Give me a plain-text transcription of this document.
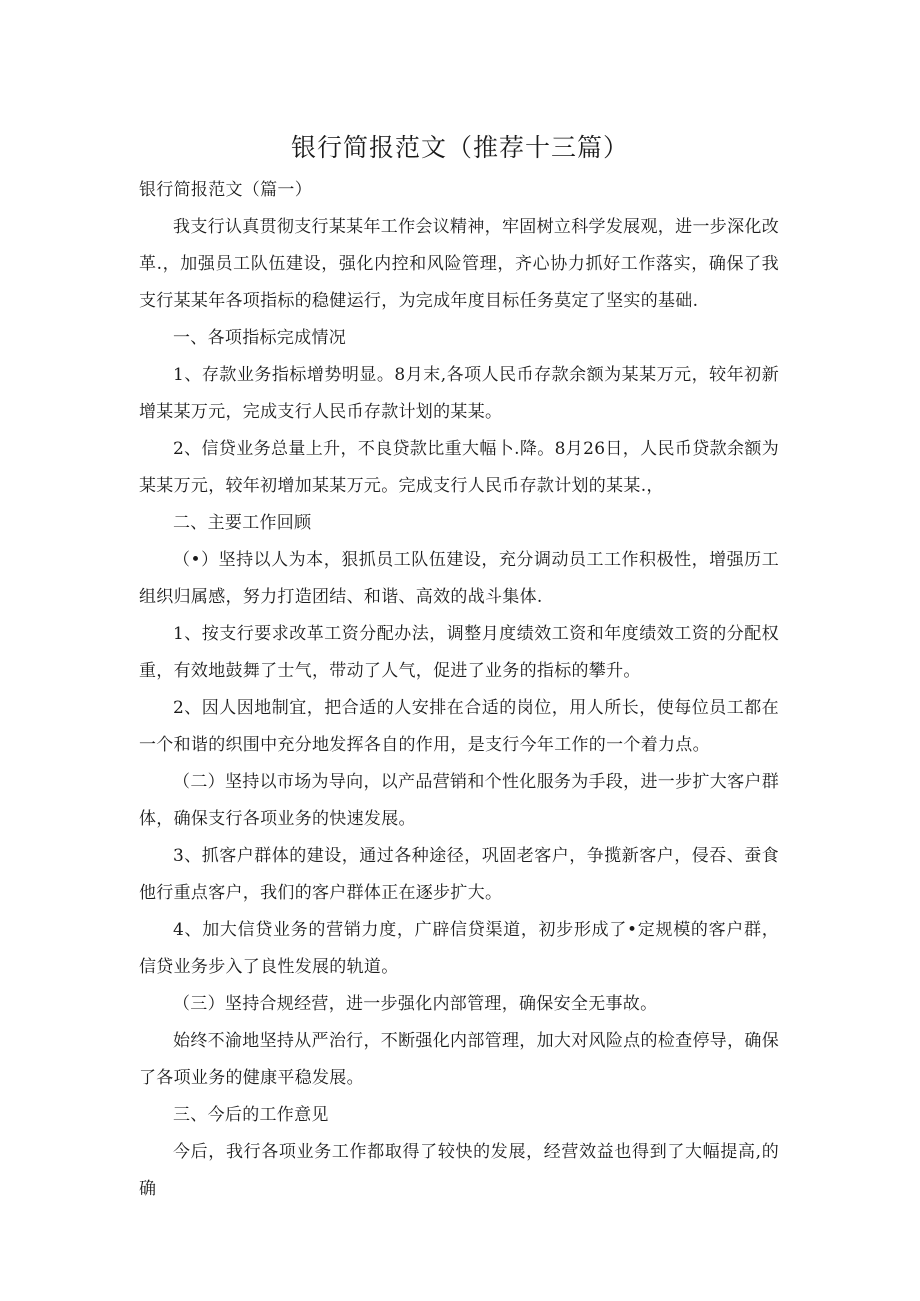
银行简报范文（推荐十三篇）

银行简报范文（篇一）

我支行认真贯彻支行某某年工作会议精神，牢固树立科学发展观，进一步深化改革.，加强员工队伍建设，强化内控和风险管理，齐心协力抓好工作落实，确保了我支行某某年各项指标的稳健运行，为完成年度目标任务莫定了坚实的基础.

一、各项指标完成情况

1、存款业务指标增势明显。8月末,各项人民币存款余额为某某万元，较年初新增某某万元，完成支行人民币存款计划的某某。

2、信贷业务总量上升，不良贷款比重大幅卜.降。8月26日，人民币贷款余额为某某万元，较年初增加某某万元。完成支行人民币存款计划的某某.，

二、主要工作回顾

（•）坚持以人为本，狠抓员工队伍建设，充分调动员工工作积极性，增强历工组织归属感，努力打造团结、和谐、高效的战斗集体.

1、按支行要求改革工资分配办法，调整月度绩效工资和年度绩效工资的分配权重，有效地鼓舞了士气，带动了人气，促进了业务的指标的攀升。

2、因人因地制宜，把合适的人安排在合适的岗位，用人所长，使每位员工都在一个和谐的织围中充分地发挥各自的作用，是支行今年工作的一个着力点。

（二）坚持以市场为导向，以产品营销和个性化服务为手段，进一步扩大客户群体，确保支行各项业务的快速发展。

3、抓客户群体的建设，通过各种途径，巩固老客户，争揽新客户，侵吞、蚕食他行重点客户，我们的客户群体正在逐步扩大。

4、加大信贷业务的营销力度，广辟信贷渠道，初步形成了•定规模的客户群，信贷业务步入了良性发展的轨道。

（三）坚持合规经营，进一步强化内部管理，确保安全无事故。

始终不渝地坚持从严治行，不断强化内部管理，加大对风险点的检查停导，确保了各项业务的健康平稳发展。

三、今后的工作意见

今后，我行各项业务工作都取得了较快的发展，经营效益也得到了大幅提高,的确
